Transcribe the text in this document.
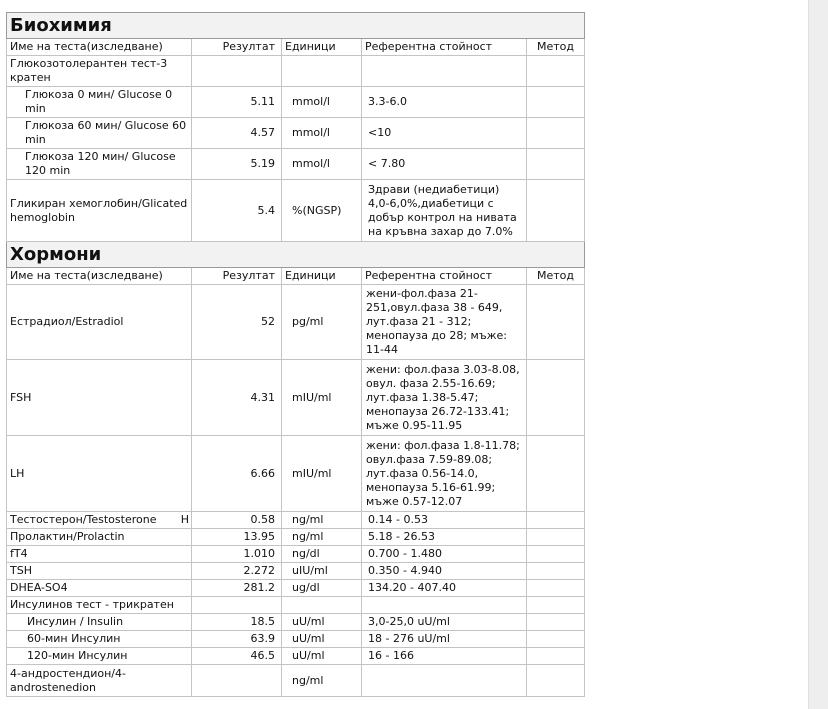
Биохимия				
Име на теста(изследване)	Резултат	Единици	Референтна стойност	Метод
Глюкозотолерантен тест-3 кратен				
Глюкоза 0 мин/ Glucose 0 min	5.11	mmol/l	3.3-6.0	
Глюкоза 60 мин/ Glucose 60 min	4.57	mmol/l	<10	
Глюкоза 120 мин/ Glucose 120 min	5.19	mmol/l	< 7.80	
Гликиран хемоглобин/Glicated hemoglobin	5.4	%(NGSP)	Здрави (недиабетици) 4,0-6,0%,диабетици с добър контрол на нивата на кръвна захар до 7.0%	
Хормони				
Име на теста(изследване)	Резултат	Единици	Референтна стойност	Метод
Естрадиол/Estradiol	52	pg/ml	жени-фол.фаза 21-251,овул.фаза 38 - 649, лут.фаза 21 - 312; менопауза до 28; мъже: 11-44	
FSH	4.31	mIU/ml	жени: фол.фаза 3.03-8.08, овул. фаза 2.55-16.69; лут.фаза 1.38-5.47; менопауза 26.72-133.41; мъже 0.95-11.95	
LH	6.66	mIU/ml	жени: фол.фаза 1.8-11.78; овул.фаза 7.59-89.08; лут.фаза 0.56-14.0, менопауза 5.16-61.99; мъже 0.57-12.07	
Тестостерон/Testosterone H	0.58	ng/ml	0.14 - 0.53	
Пролактин/Prolactin	13.95	ng/ml	5.18 - 26.53	
fT4	1.010	ng/dl	0.700 - 1.480	
TSH	2.272	uIU/ml	0.350 - 4.940	
DHEA-SO4	281.2	ug/dl	134.20 - 407.40	
Инсулинов тест - трикратен				
Инсулин / Insulin	18.5	uU/ml	3,0-25,0 uU/ml	
60-мин Инсулин	63.9	uU/ml	18 - 276 uU/ml	
120-мин Инсулин	46.5	uU/ml	16 - 166	
4-андростендион/4-androstenedion		ng/ml		
